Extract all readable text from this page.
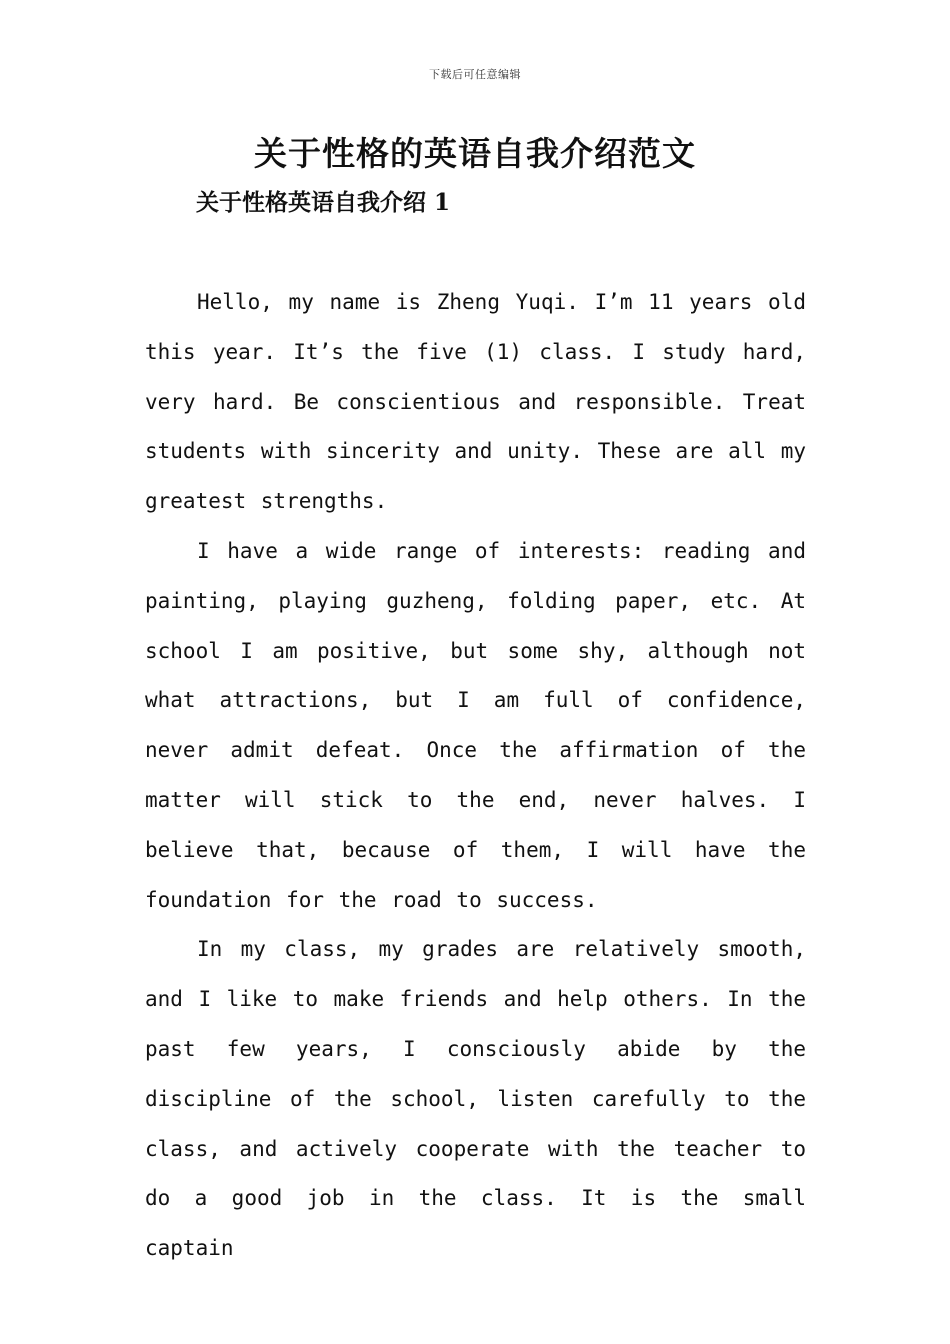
下载后可任意编辑
关于性格的英语自我介绍范文
关于性格英语自我介绍 1

Hello, my name is Zheng Yuqi. I’m 11 years old this year. It’s the five (1) class. I study hard, very hard. Be conscientious and responsible. Treat students with sincerity and unity. These are all my greatest strengths.

I have a wide range of interests: reading and painting, playing guzheng, folding paper, etc. At school I am positive, but some shy, although not what attractions, but I am full of confidence, never admit defeat. Once the affirmation of the matter will stick to the end, never halves. I believe that, because of them, I will have the foundation for the road to success.

In my class, my grades are relatively smooth, and I like to make friends and help others. In the past few years, I consciously abide by the discipline of the school, listen carefully to the class, and actively cooperate with the teacher to do a good job in the class. It is the small captain
